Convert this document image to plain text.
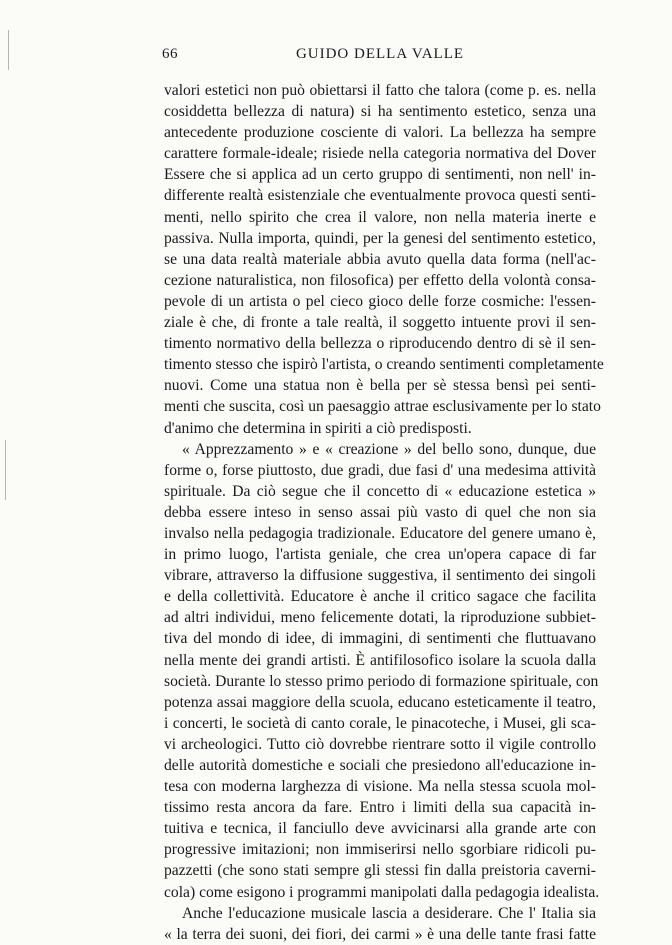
66	GUIDO DELLA VALLE
valori estetici non può obiettarsi il fatto che talora (come p. es. nella
cosiddetta bellezza di natura) si ha sentimento estetico, senza una
antecedente produzione cosciente di valori. La bellezza ha sempre
carattere formale-ideale; risiede nella categoria normativa del Dover
Essere che si applica ad un certo gruppo di sentimenti, non nell' in-
differente realtà esistenziale che eventualmente provoca questi senti-
menti, nello spirito che crea il valore, non nella materia inerte e
passiva. Nulla importa, quindi, per la genesi del sentimento estetico,
se una data realtà materiale abbia avuto quella data forma (nell'ac-
cezione naturalistica, non filosofica) per effetto della volontà consa-
pevole di un artista o pel cieco gioco delle forze cosmiche: l'essen-
ziale è che, di fronte a tale realtà, il soggetto intuente provi il sen-
timento normativo della bellezza o riproducendo dentro di sè il sen-
timento stesso che ispirò l'artista, o creando sentimenti completamente
nuovi. Come una statua non è bella per sè stessa bensì pei senti-
menti che suscita, così un paesaggio attrae esclusivamente per lo stato
d'animo che determina in spiriti a ciò predisposti.
« Apprezzamento » e « creazione » del bello sono, dunque, due
forme o, forse piuttosto, due gradi, due fasi d' una medesima attività
spirituale. Da ciò segue che il concetto di « educazione estetica »
debba essere inteso in senso assai più vasto di quel che non sia
invalso nella pedagogia tradizionale. Educatore del genere umano è,
in primo luogo, l'artista geniale, che crea un'opera capace di far
vibrare, attraverso la diffusione suggestiva, il sentimento dei singoli
e della collettività. Educatore è anche il critico sagace che facilita
ad altri individui, meno felicemente dotati, la riproduzione subbiet-
tiva del mondo di idee, di immagini, di sentimenti che fluttuavano
nella mente dei grandi artisti. È antifilosofico isolare la scuola dalla
società. Durante lo stesso primo periodo di formazione spirituale, con
potenza assai maggiore della scuola, educano esteticamente il teatro,
i concerti, le società di canto corale, le pinacoteche, i Musei, gli sca-
vi archeologici. Tutto ciò dovrebbe rientrare sotto il vigile controllo
delle autorità domestiche e sociali che presiedono all'educazione in-
tesa con moderna larghezza di visione. Ma nella stessa scuola mol-
tissimo resta ancora da fare. Entro i limiti della sua capacità in-
tuitiva e tecnica, il fanciullo deve avvicinarsi alla grande arte con
progressive imitazioni; non immiserirsi nello sgorbiare ridicoli pu-
pazzetti (che sono stati sempre gli stessi fin dalla preistoria caverni-
cola) come esigono i programmi manipolati dalla pedagogia idealista.
Anche l'educazione musicale lascia a desiderare. Che l' Italia sia
« la terra dei suoni, dei fiori, dei carmi » è una delle tante frasi fatte
